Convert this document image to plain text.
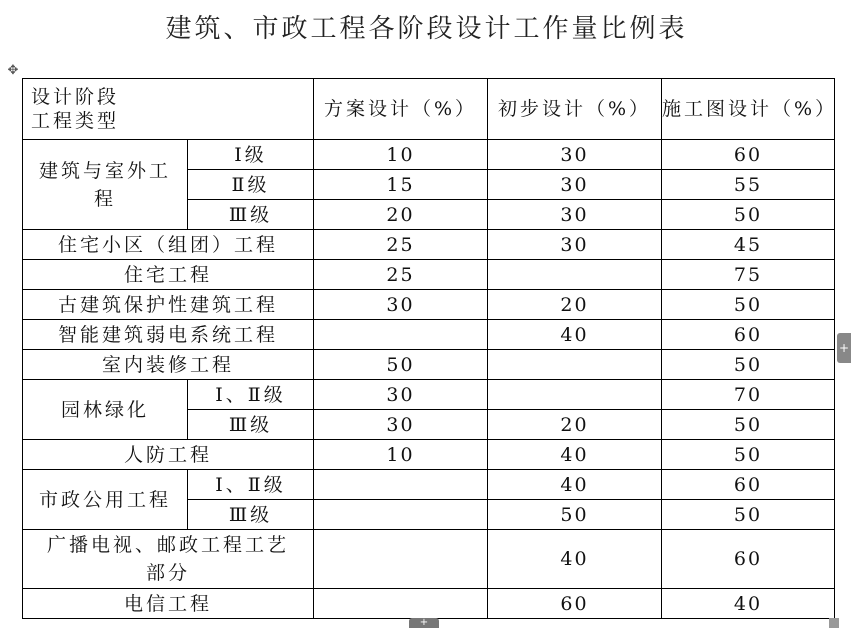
建筑、市政工程各阶段设计工作量比例表
✥
设计阶段
工程类型		方案设计（%）	初步设计（%）	施工图设计（%）
建筑与室外工程	Ⅰ级	10	30	60
	Ⅱ级	15	30	55
	Ⅲ级	20	30	50
住宅小区（组团）工程		25	30	45
住宅工程		25		75
古建筑保护性建筑工程		30	20	50
智能建筑弱电系统工程			40	60
室内装修工程		50		50
园林绿化	Ⅰ、Ⅱ级	30		70
	Ⅲ级	30	20	50
人防工程		10	40	50
市政公用工程	Ⅰ、Ⅱ级		40	60
	Ⅲ级		50	50
广播电视、邮政工程工艺部分			40	60
电信工程			60	40
+
+
